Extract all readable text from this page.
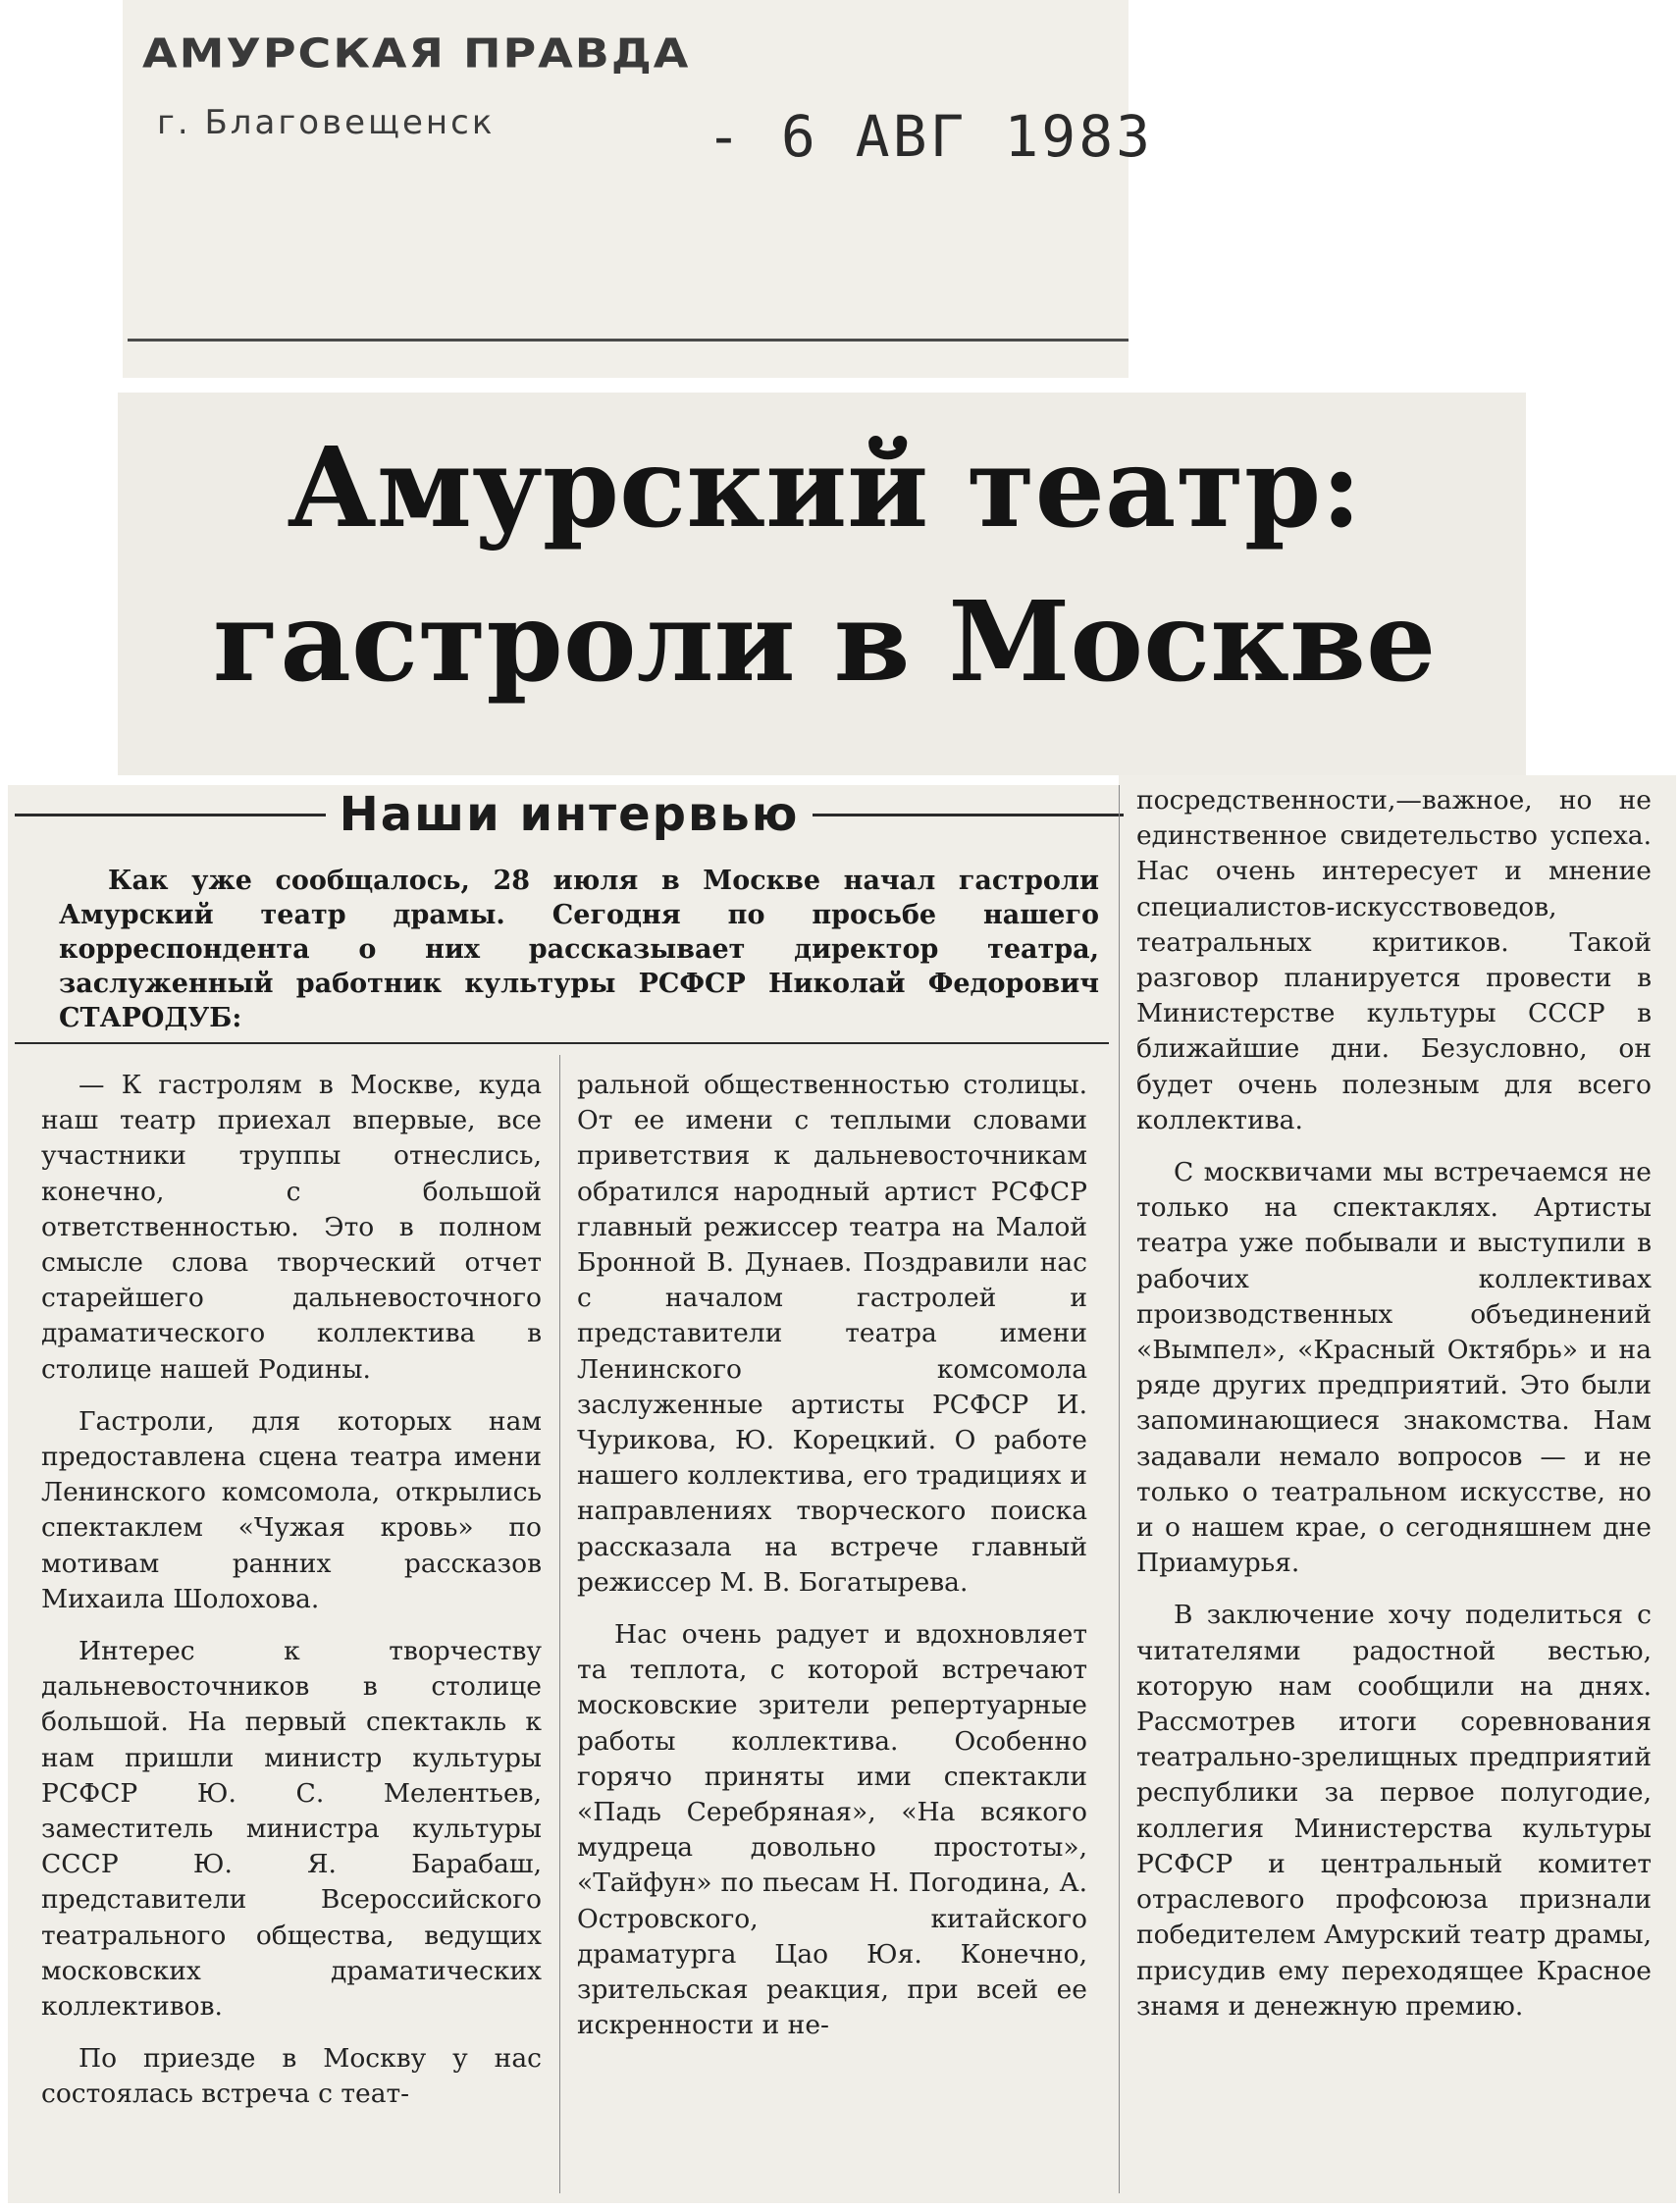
АМУРСКАЯ ПРАВДА
г. Благовещенск	- 6 АВГ 1983
Амурский театр:
гастроли в Москве
Наши интервью

Как уже сообщалось, 28 июля в Москве начал гастроли Амурский театр драмы. Сегодня по просьбе нашего корреспондента о них рассказывает директор театра, заслуженный работник культуры РСФСР Николай Федорович СТАРОДУБ:

— К гастролям в Москве, куда наш театр приехал впервые, все участники труппы отнеслись, конечно, с большой ответственностью. Это в полном смысле слова творческий отчет старейшего дальневосточного драматического коллектива в столице нашей Родины.

Гастроли, для которых нам предоставлена сцена театра имени Ленинского комсомола, открылись спектаклем «Чужая кровь» по мотивам ранних рассказов Михаила Шолохова.

Интерес к творчеству дальневосточников в столице большой. На первый спектакль к нам пришли министр культуры РСФСР Ю. С. Мелентьев, заместитель министра культуры СССР Ю. Я. Барабаш, представители Всероссийского театрального общества, ведущих московских драматических коллективов.

По приезде в Москву у нас состоялась встреча с теат-

ральной общественностью столицы. От ее имени с теплыми словами приветствия к дальневосточникам обратился народный артист РСФСР главный режиссер театра на Малой Бронной В. Дунаев. Поздравили нас с началом гастролей и представители театра имени Ленинского комсомола заслуженные артисты РСФСР И. Чурикова, Ю. Корецкий. О работе нашего коллектива, его традициях и направлениях творческого поиска рассказала на встрече главный режиссер М. В. Богатырева.

Нас очень радует и вдохновляет та теплота, с которой встречают московские зрители репертуарные работы коллектива. Особенно горячо приняты ими спектакли «Падь Серебряная», «На всякого мудреца довольно простоты», «Тайфун» по пьесам Н. Погодина, А. Островского, китайского драматурга Цао Юя. Конечно, зрительская реакция, при всей ее искренности и не-

посредственности,—важное, но не единственное свидетельство успеха. Нас очень интересует и мнение специалистов-искусствоведов, театральных критиков. Такой разговор планируется провести в Министерстве культуры СССР в ближайшие дни. Безусловно, он будет очень полезным для всего коллектива.

С москвичами мы встречаемся не только на спектаклях. Артисты театра уже побывали и выступили в рабочих коллективах производственных объединений «Вымпел», «Красный Октябрь» и на ряде других предприятий. Это были запоминающиеся знакомства. Нам задавали немало вопросов — и не только о театральном искусстве, но и о нашем крае, о сегодняшнем дне Приамурья.

В заключение хочу поделиться с читателями радостной вестью, которую нам сообщили на днях. Рассмотрев итоги соревнования театрально-зрелищных предприятий республики за первое полугодие, коллегия Министерства культуры РСФСР и центральный комитет отраслевого профсоюза признали победителем Амурский театр драмы, присудив ему переходящее Красное знамя и денежную премию.
